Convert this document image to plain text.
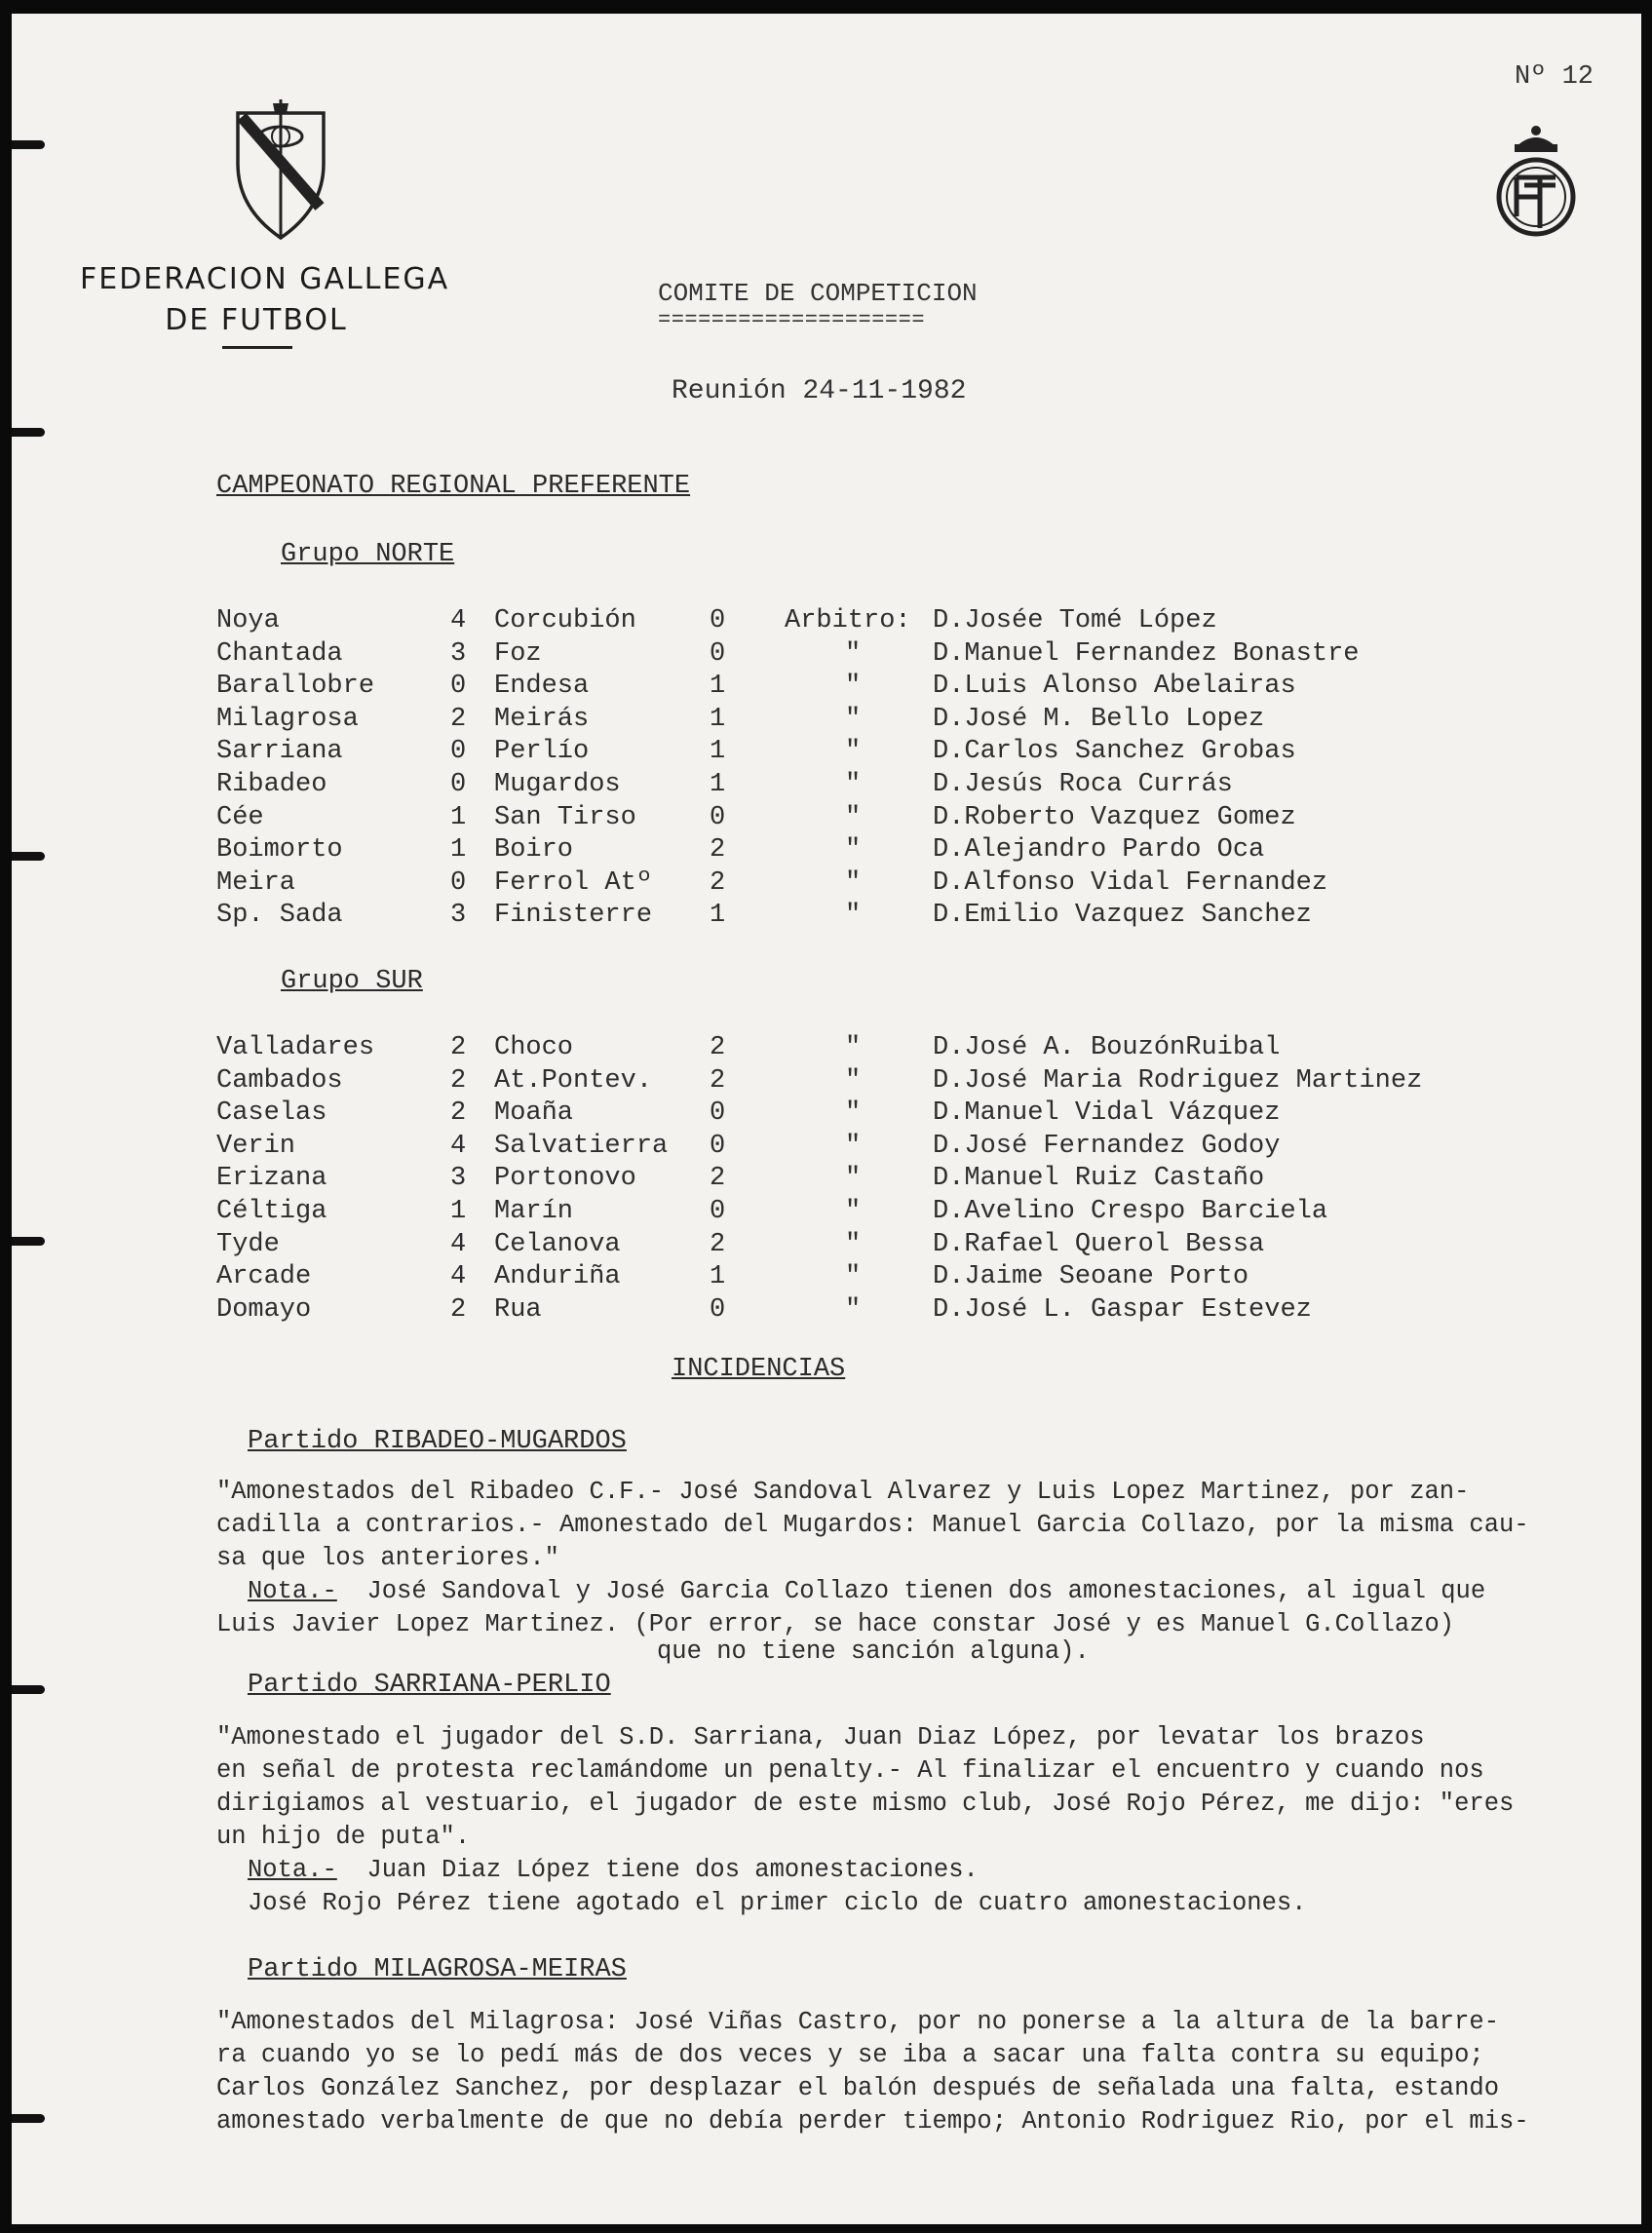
Nº 12
FEDERACION GALLEGA
DE FUTBOL
COMITE DE COMPETICION
====================
Reunión 24-11-1982
CAMPEONATO REGIONAL PREFERENTE
Grupo NORTE
Noya	4 Corcubión	0 Arbitro: D.Josée Tomé López
Chantada	3 Foz	0	"	D.Manuel Fernandez Bonastre
Barallobre	0 Endesa	1	"	D.Luis Alonso Abelairas
Milagrosa	2 Meirás	1	"	D.José M. Bello Lopez
Sarriana	0 Perlío	1	"	D.Carlos Sanchez Grobas
Ribadeo	0 Mugardos	1	"	D.Jesús Roca Currás
Cée	1 San Tirso	0	"	D.Roberto Vazquez Gomez
Boimorto	1 Boiro	2	"	D.Alejandro Pardo Oca
Meira	0 Ferrol Atº 2	"	D.Alfonso Vidal Fernandez
Sp. Sada	3 Finisterre 1	"	D.Emilio Vazquez Sanchez
Grupo SUR
Valladares	2 Choco	2	"	D.José A. BouzónRuibal
Cambados	2 At.Pontev. 2	"	D.José Maria Rodriguez Martinez
Caselas	2 Moaña	0	"	D.Manuel Vidal Vázquez
Verin	4 Salvatierra 0	"	D.José Fernandez Godoy
Erizana	3 Portonovo	2	"	D.Manuel Ruiz Castaño
Céltiga	1 Marín	0	"	D.Avelino Crespo Barciela
Tyde	4 Celanova	2	"	D.Rafael Querol Bessa
Arcade	4 Anduriña	1	"	D.Jaime Seoane Porto
Domayo	2 Rua	0	"	D.José L. Gaspar Estevez
INCIDENCIAS
Partido RIBADEO-MUGARDOS

"Amonestados del Ribadeo C.F.- José Sandoval Alvarez y Luis Lopez Martinez, por zan-

cadilla a contrarios.- Amonestado del Mugardos: Manuel Garcia Collazo, por la misma cau-

sa que los anteriores."

Nota.- José Sandoval y José Garcia Collazo tienen dos amonestaciones, al igual que

Luis Javier Lopez Martinez. (Por error, se hace constar José y es Manuel G.Collazo)

que no tiene sanción alguna).

Partido SARRIANA-PERLIO

"Amonestado el jugador del S.D. Sarriana, Juan Diaz López, por levatar los brazos

en señal de protesta reclamándome un penalty.- Al finalizar el encuentro y cuando nos

dirigiamos al vestuario, el jugador de este mismo club, José Rojo Pérez, me dijo: "eres

un hijo de puta".

Nota.- Juan Diaz López tiene dos amonestaciones.

José Rojo Pérez tiene agotado el primer ciclo de cuatro amonestaciones.

Partido MILAGROSA-MEIRAS

"Amonestados del Milagrosa: José Viñas Castro, por no ponerse a la altura de la barre-

ra cuando yo se lo pedí más de dos veces y se iba a sacar una falta contra su equipo;

Carlos González Sanchez, por desplazar el balón después de señalada una falta, estando

amonestado verbalmente de que no debía perder tiempo; Antonio Rodriguez Rio, por el mis-
